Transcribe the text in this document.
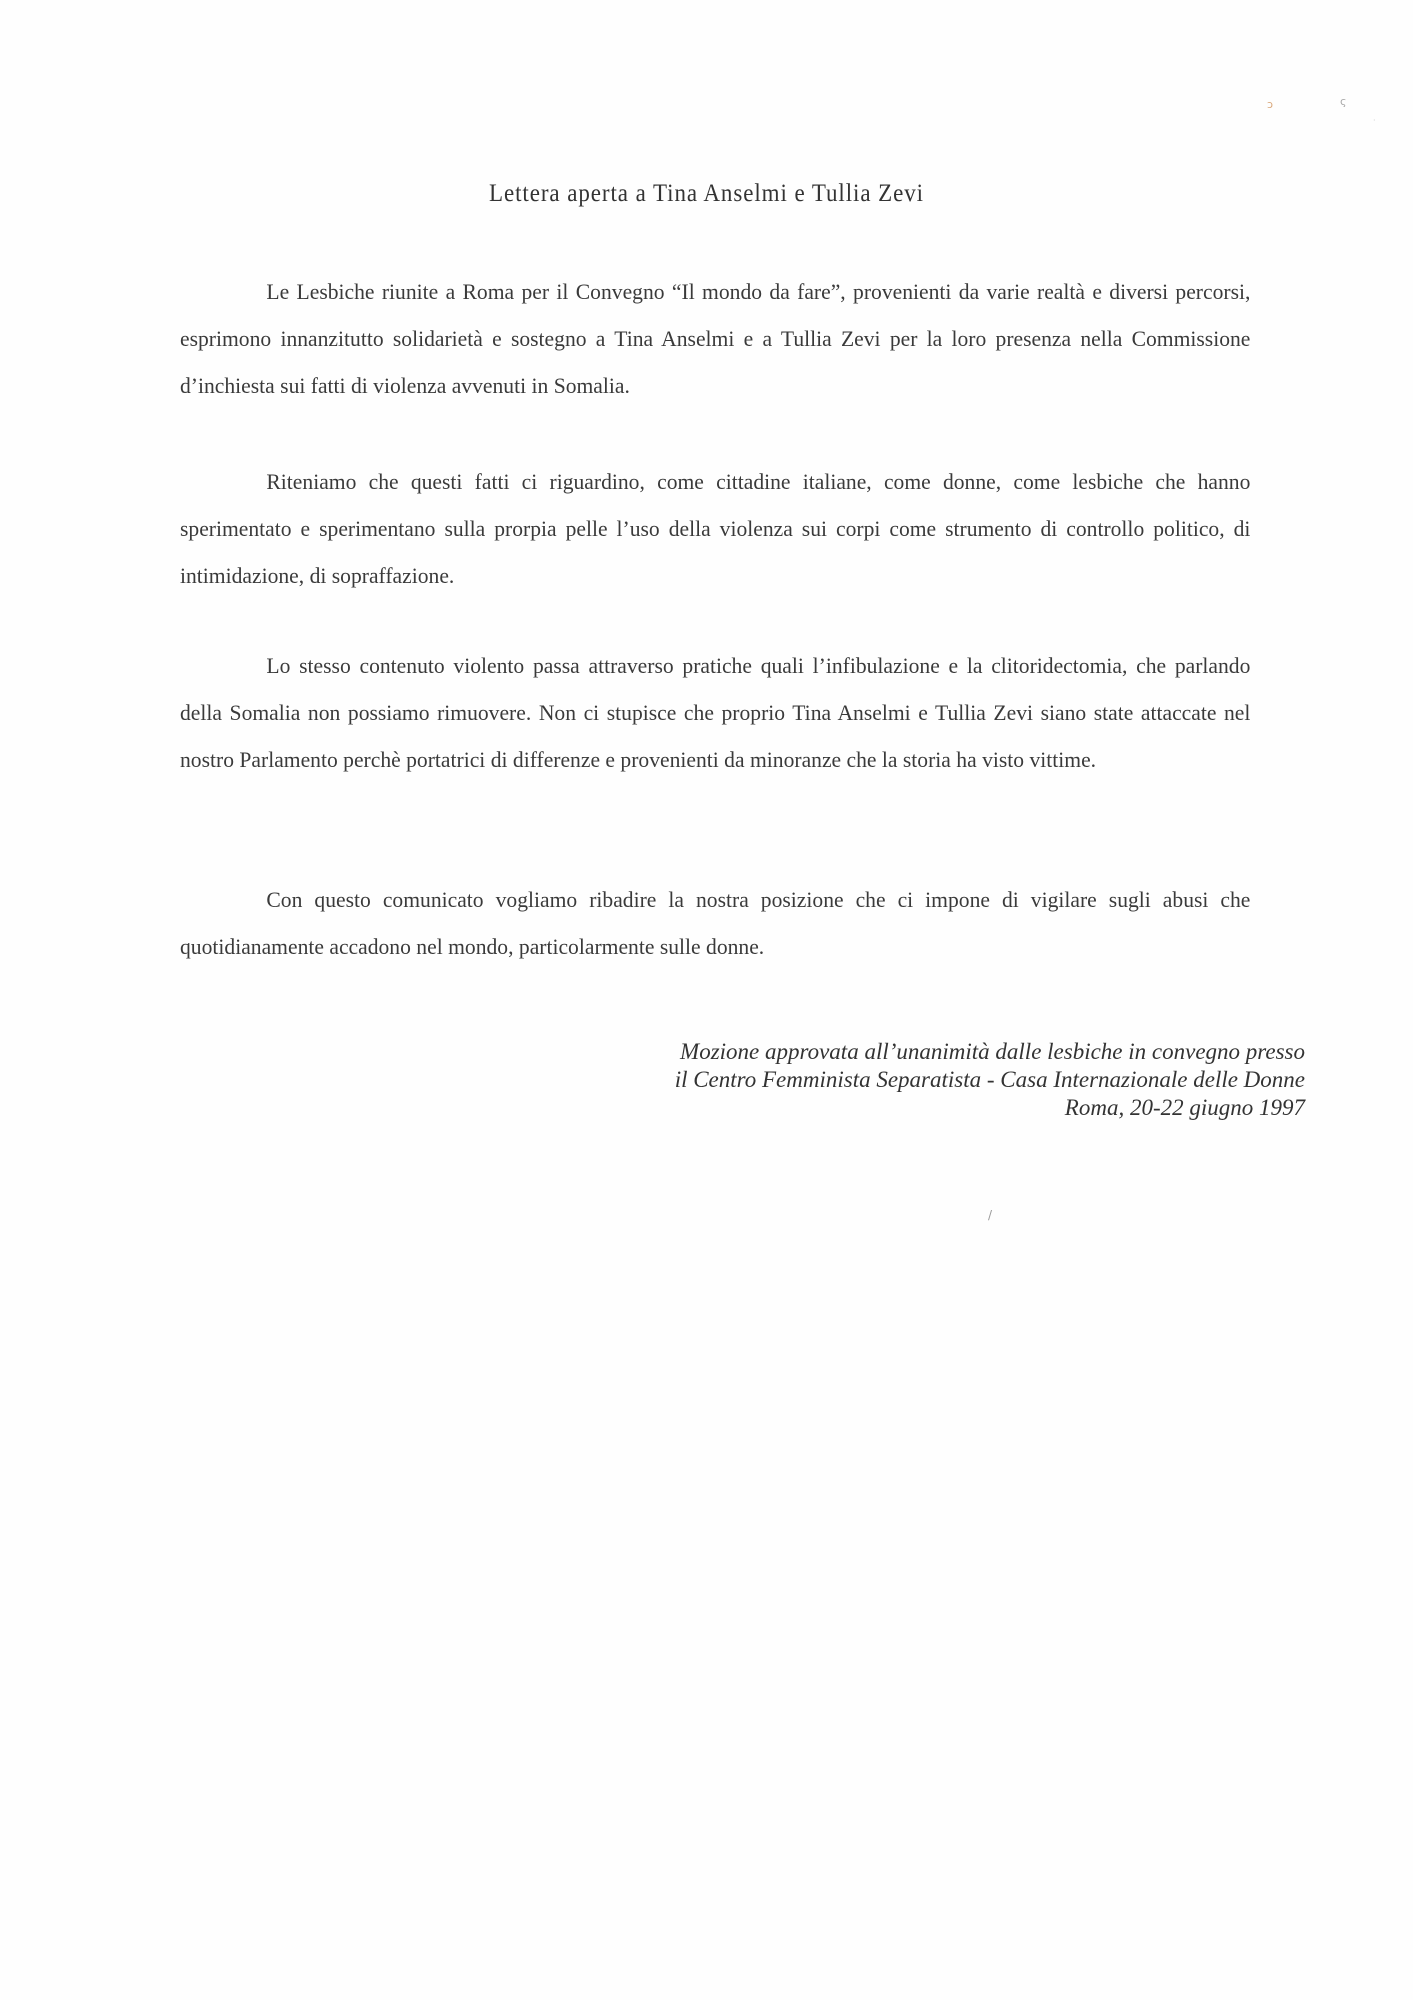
ɔ	ς
·
Lettera aperta a Tina Anselmi e Tullia Zevi

Le Lesbiche riunite a Roma per il Convegno “Il mondo da fare”, provenienti da varie realtà e diversi percorsi, esprimono innanzitutto solidarietà e sostegno a Tina Anselmi e a Tullia Zevi per la loro presenza nella Commissione d’inchiesta sui fatti di violenza avvenuti in Somalia.

Riteniamo che questi fatti ci riguardino, come cittadine italiane, come donne, come lesbiche che hanno sperimentato e sperimentano sulla prorpia pelle l’uso della violenza sui corpi come strumento di controllo politico, di intimidazione, di sopraffazione.

Lo stesso contenuto violento passa attraverso pratiche quali l’infibulazione e la clitoridectomia, che parlando della Somalia non possiamo rimuovere. Non ci stupisce che proprio Tina Anselmi e Tullia Zevi siano state attaccate nel nostro Parlamento perchè portatrici di differenze e provenienti da minoranze che la storia ha visto vittime.

Con questo comunicato vogliamo ribadire la nostra posizione che ci impone di vigilare sugli abusi che quotidianamente accadono nel mondo, particolarmente sulle donne.

Mozione approvata all’unanimità dalle lesbiche in convegno presso
il Centro Femminista Separatista - Casa Internazionale delle Donne
Roma, 20-22 giugno 1997
/
